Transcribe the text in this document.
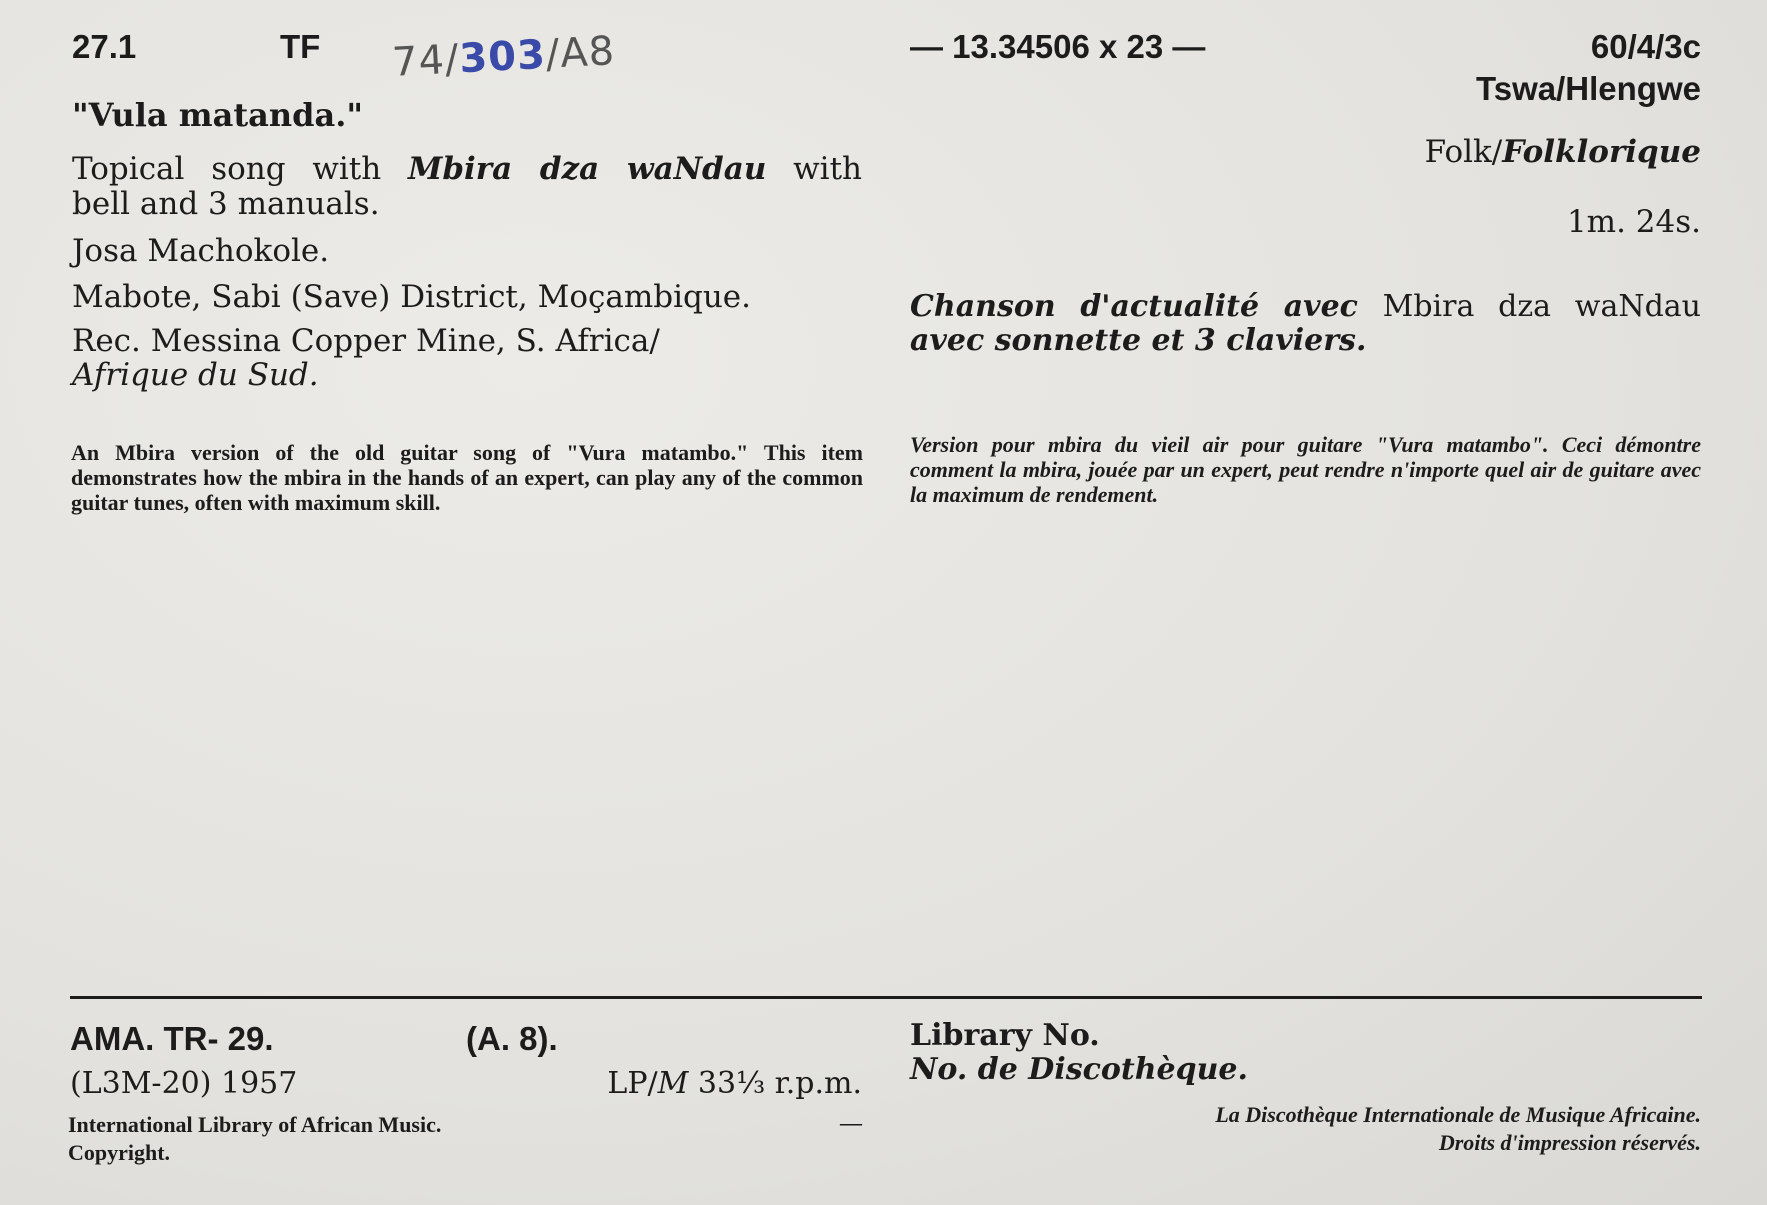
27.1	TF 74/303/A8	— 13.34506 x 23 —	60/4/3c
"Vula matanda."
Topical song with Mbira dza waNdau with
bell and 3 manuals.
Josa Machokole.
Mabote, Sabi (Save) District, Moçambique.
Rec. Messina Copper Mine, S. Africa/
Afrique du Sud.
Tswa/Hlengwe
Folk/Folklorique
1m. 24s.
Chanson d'actualité avec Mbira dza waNdau
avec sonnette et 3 claviers.
An Mbira version of the old guitar song of "Vura matambo." This item demonstrates how the mbira in the hands of an expert, can play any of the common guitar tunes, often with maximum skill.
Version pour mbira du vieil air pour guitare "Vura matambo". Ceci démontre comment la mbira, jouée par un expert, peut rendre n'importe quel air de guitare avec la maximum de rendement.
AMA. TR- 29.	(A. 8).
(L3M-20) 1957	LP/M 33⅓ r.p.m.
International Library of African Music.	—
Copyright.
Library No.
No. de Discothèque.
La Discothèque Internationale de Musique Africaine.
Droits d'impression réservés.
